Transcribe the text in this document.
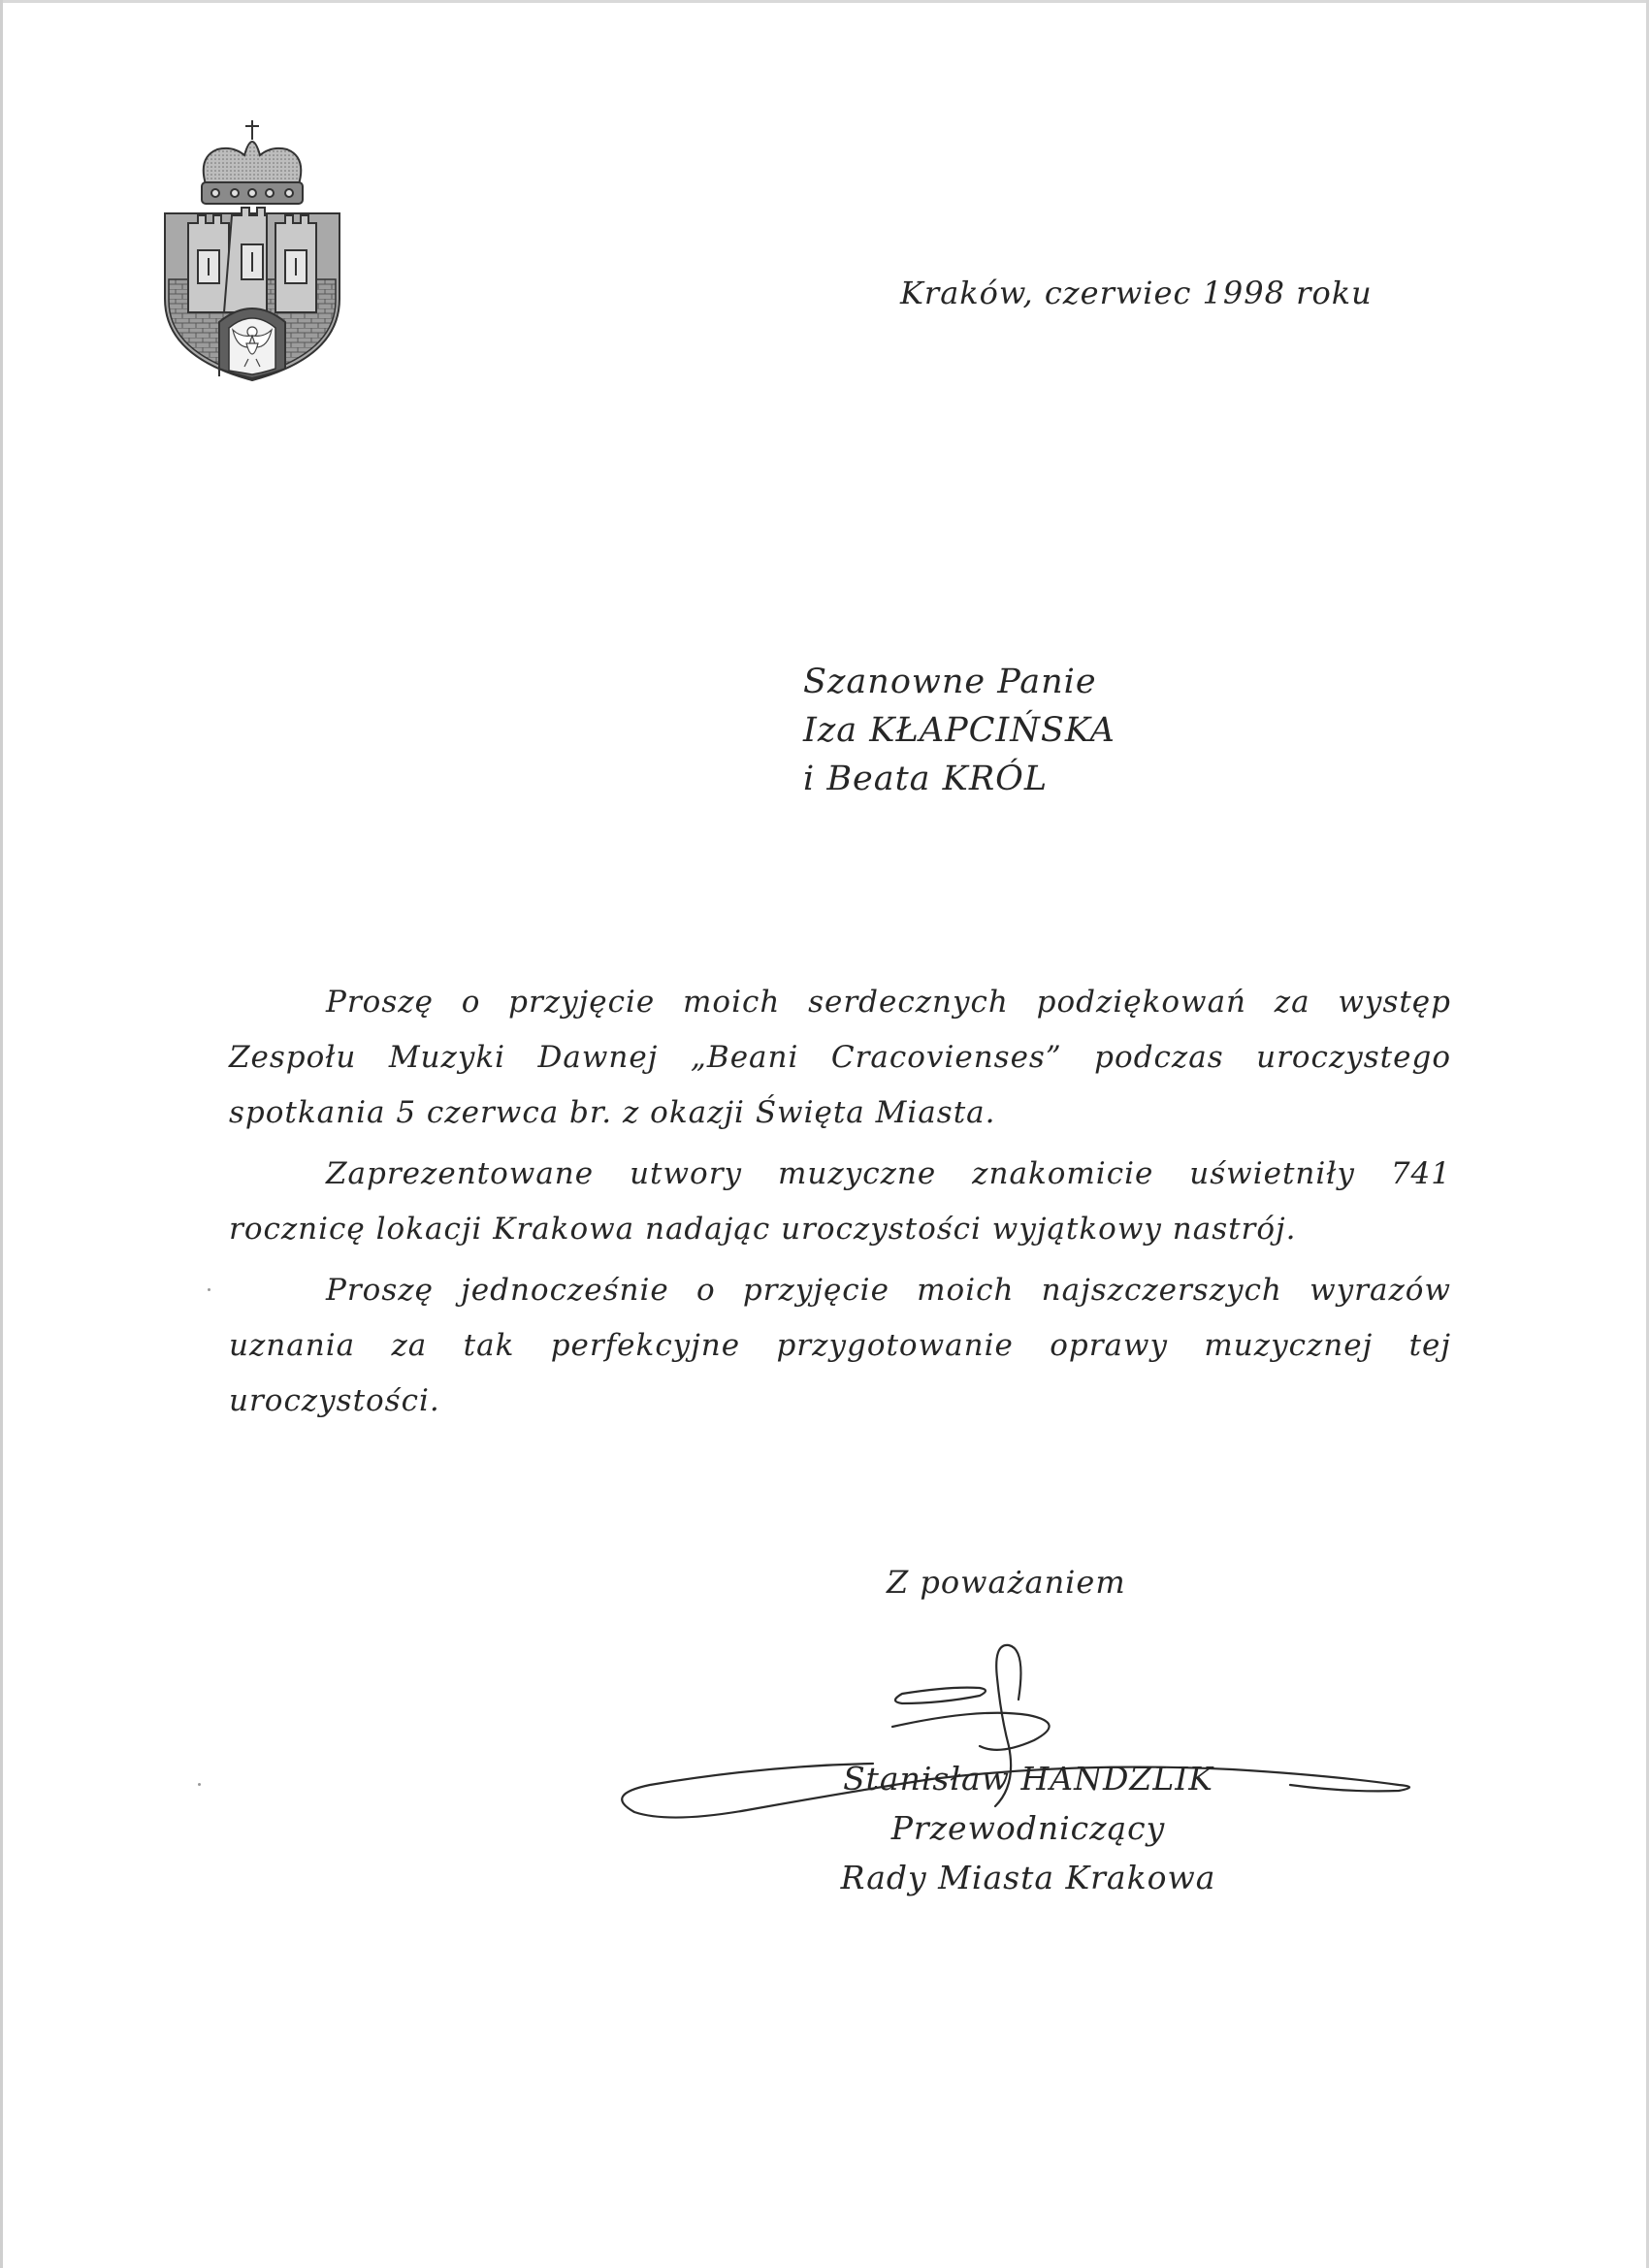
Kraków, czerwiec 1998 roku
Szanowne Panie
Iza KŁAPCIŃSKA
i Beata KRÓL

Proszę o przyjęcie moich serdecznych podziękowań za występ Zespołu Muzyki Dawnej „Beani Cracovienses” podczas uroczystego spotkania 5 czerwca br. z okazji Święta Miasta.

Zaprezentowane utwory muzyczne znakomicie uświetniły 741 rocznicę lokacji Krakowa nadając uroczystości wyjątkowy nastrój.

Proszę jednocześnie o przyjęcie moich najszczerszych wyrazów uznania za tak perfekcyjne przygotowanie oprawy muzycznej tej uroczystości.

Z poważaniem
Stanisław HANDZLIK
Przewodniczący
Rady Miasta Krakowa
